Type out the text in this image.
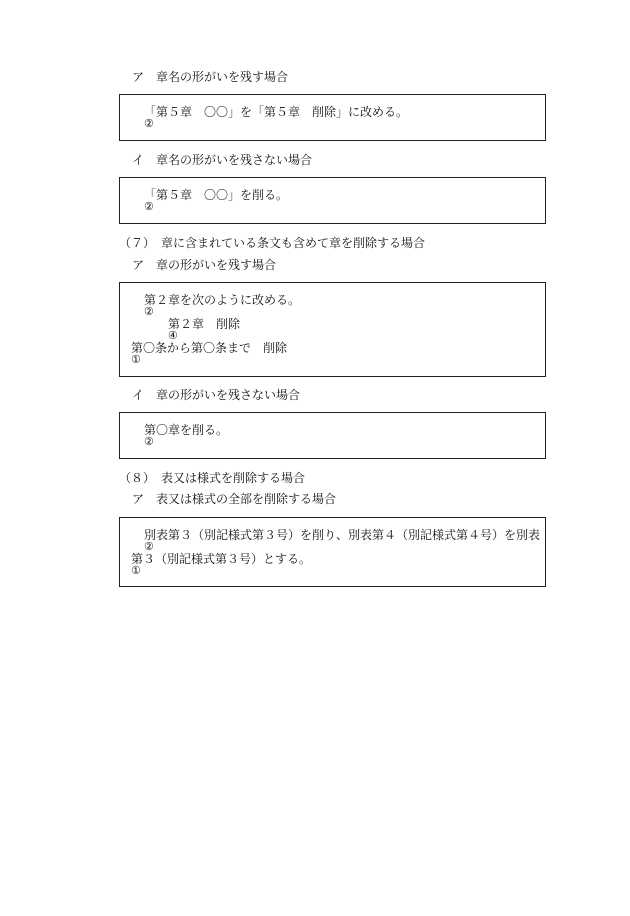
ア　章名の形がいを残す場合
「第５章　〇〇」を「第５章　削除」に改める。
②
イ　章名の形がいを残さない場合
「第５章　〇〇」を削る。
②
（７）　章に含まれている条文も含めて章を削除する場合
ア　章の形がいを残す場合
第２章を次のように改める。
②
第２章　削除
④
第〇条から第〇条まで　削除
①
イ　章の形がいを残さない場合
第〇章を削る。
②
（８）　表又は様式を削除する場合
ア　表又は様式の全部を削除する場合
別表第３（別記様式第３号）を削り、別表第４（別記様式第４号）を別表
②
第３（別記様式第３号）とする。
①
